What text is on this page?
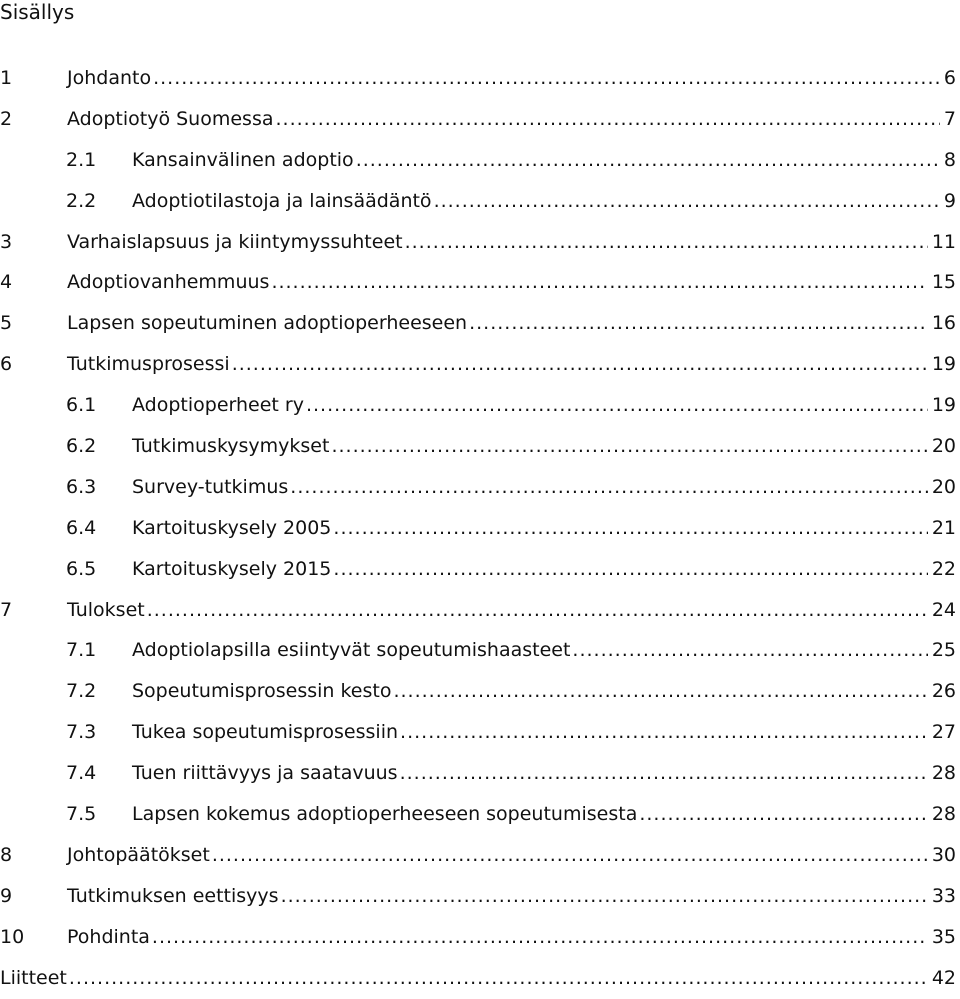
Sisällys
1	Johdanto .....	6
2	Adoptiotyö Suomessa .....	7
2.1	Kansainvälinen adoptio .....	8
2.2	Adoptiotilastoja ja lainsäädäntö .....	9
3	Varhaislapsuus ja kiintymyssuhteet .....	11
4	Adoptiovanhemmuus .....	15
5	Lapsen sopeutuminen adoptioperheeseen .....	16
6	Tutkimusprosessi .....	19
6.1	Adoptioperheet ry .....	19
6.2	Tutkimuskysymykset .....	20
6.3	Survey-tutkimus .....	20
6.4	Kartoituskysely 2005 .....	21
6.5	Kartoituskysely 2015 .....	22
7	Tulokset .....	24
7.1	Adoptiolapsilla esiintyvät sopeutumishaasteet .....	25
7.2	Sopeutumisprosessin kesto .....	26
7.3	Tukea sopeutumisprosessiin .....	27
7.4	Tuen riittävyys ja saatavuus .....	28
7.5	Lapsen kokemus adoptioperheeseen sopeutumisesta .....	28
8	Johtopäätökset .....	30
9	Tutkimuksen eettisyys .....	33
10	Pohdinta .....	35
Liitteet .....	42
